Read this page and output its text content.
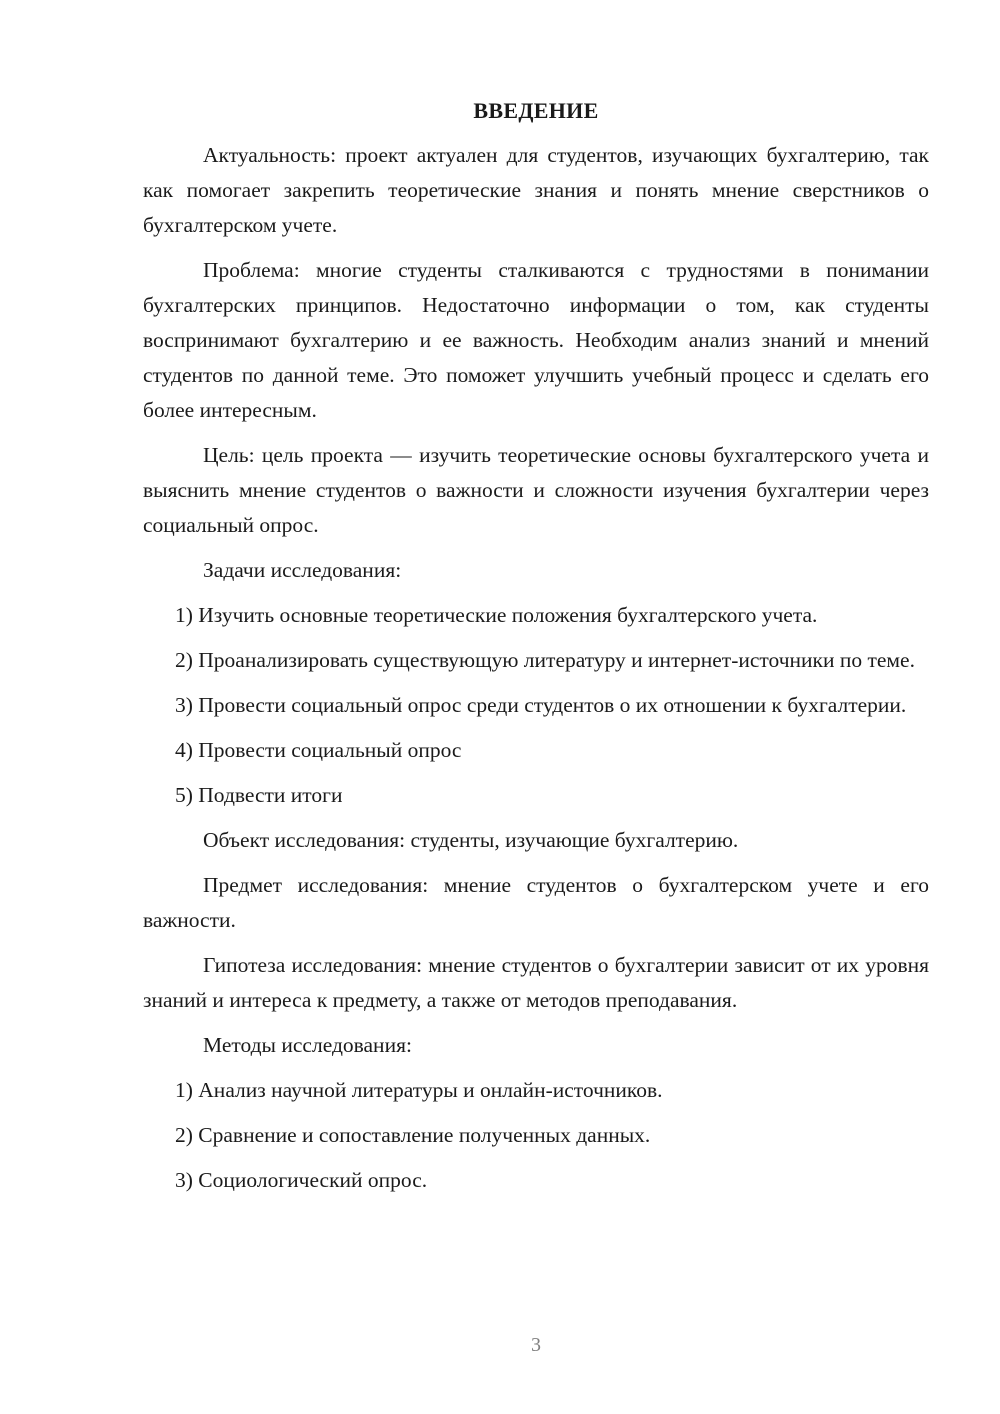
ВВЕДЕНИЕ

Актуальность: проект актуален для студентов, изучающих бухгалтерию, так как помогает закрепить теоретические знания и понять мнение сверстников о бухгалтерском учете.

Проблема: многие студенты сталкиваются с трудностями в понимании бухгалтерских принципов. Недостаточно информации о том, как студенты воспринимают бухгалтерию и ее важность. Необходим анализ знаний и мнений студентов по данной теме. Это поможет улучшить учебный процесс и сделать его более интересным.

Цель: цель проекта — изучить теоретические основы бухгалтерского учета и выяснить мнение студентов о важности и сложности изучения бухгалтерии через социальный опрос.

Задачи исследования:

1) Изучить основные теоретические положения бухгалтерского учета.

2) Проанализировать существующую литературу и интернет-источники по теме.

3) Провести социальный опрос среди студентов о их отношении к бухгалтерии.

4) Провести социальный опрос

5) Подвести итоги

Объект исследования: студенты, изучающие бухгалтерию.

Предмет исследования: мнение студентов о бухгалтерском учете и его важности.

Гипотеза исследования: мнение студентов о бухгалтерии зависит от их уровня знаний и интереса к предмету, а также от методов преподавания.

Методы исследования:

1) Анализ научной литературы и онлайн-источников.

2) Сравнение и сопоставление полученных данных.

3) Социологический опрос.

3
